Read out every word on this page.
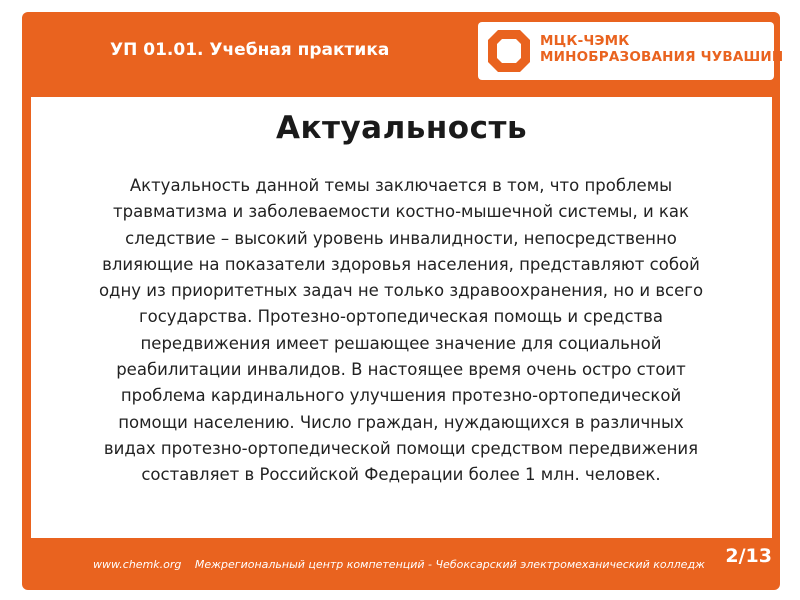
УП 01.01. Учебная практика	МЦК-ЧЭМК
МИНОБРАЗОВАНИЯ ЧУВАШИИ
Актуальность
Актуальность данной темы заключается в том, что проблемы
травматизма и заболеваемости костно-мышечной системы, и как
следствие – высокий уровень инвалидности, непосредственно
влияющие на показатели здоровья населения, представляют собой
одну из приоритетных задач не только здравоохранения, но и всего
государства. Протезно-ортопедическая помощь и средства
передвижения имеет решающее значение для социальной
реабилитации инвалидов. В настоящее время очень остро стоит
проблема кардинального улучшения протезно-ортопедической
помощи населению. Число граждан, нуждающихся в различных
видах протезно-ортопедической помощи средством передвижения
составляет в Российской Федерации более 1 млн. человек.
www.chemk.org Межрегиональный центр компетенций - Чебоксарский электромеханический колледж 2/13
